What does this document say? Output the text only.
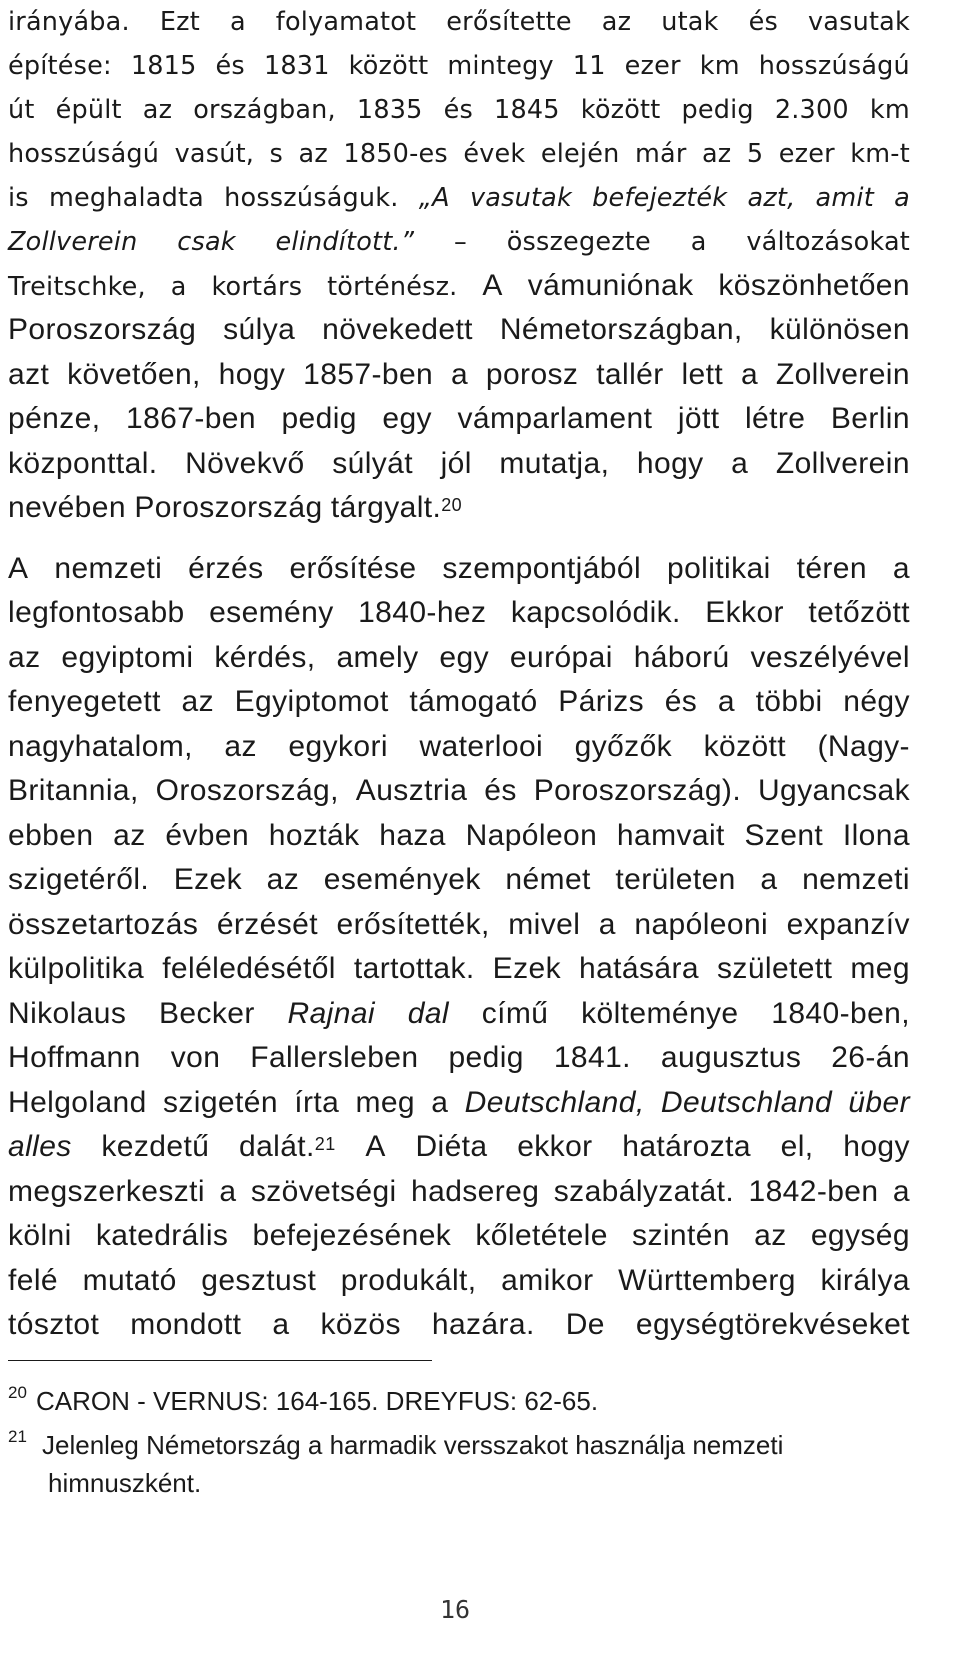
irányába. Ezt a folyamatot erősítette az utak és vasutak
építése: 1815 és 1831 között mintegy 11 ezer km hosszúságú
út épült az országban, 1835 és 1845 között pedig 2.300 km
hosszúságú vasút, s az 1850-es évek elején már az 5 ezer km-t
is meghaladta hosszúságuk. „A vasutak befejezték azt, amit a
Zollverein csak elindított.” – összegezte a változásokat
Treitschke, a kortárs történész. A vámuniónak köszönhetően
Poroszország súlya növekedett Németországban, különösen
azt követően, hogy 1857-ben a porosz tallér lett a Zollverein
pénze, 1867-ben pedig egy vámparlament jött létre Berlin
központtal. Növekvő súlyát jól mutatja, hogy a Zollverein
nevében Poroszország tárgyalt.$^{20}$
A nemzeti érzés erősítése szempontjából politikai téren a
legfontosabb esemény 1840-hez kapcsolódik. Ekkor tetőzött
az egyiptomi kérdés, amely egy európai háború veszélyével
fenyegetett az Egyiptomot támogató Párizs és a többi négy
nagyhatalom, az egykori waterlooi győzők között (Nagy-
Britannia, Oroszország, Ausztria és Poroszország). Ugyancsak
ebben az évben hozták haza Napóleon hamvait Szent Ilona
szigetéről. Ezek az események német területen a nemzeti
összetartozás érzését erősítették, mivel a napóleoni expanzív
külpolitika feléledésétől tartottak. Ezek hatására született meg
Nikolaus Becker Rajnai dal című költeménye 1840-ben,
Hoffmann von Fallersleben pedig 1841. augusztus 26-án
Helgoland szigetén írta meg a Deutschland, Deutschland über
alles kezdetű dalát.$^{21}$ A Diéta ekkor határozta el, hogy
megszerkeszti a szövetségi hadsereg szabályzatát. 1842-ben a
kölni katedrális befejezésének kőletétele szintén az egység
felé mutató gesztust produkált, amikor Württemberg királya
tósztot mondott a közös hazára. De egységtörekvéseket
20 CARON - VERNUS: 164-165. DREYFUS: 62-65.
21 Jelenleg Németország a harmadik versszakot használja nemzeti
himnuszként.
16
